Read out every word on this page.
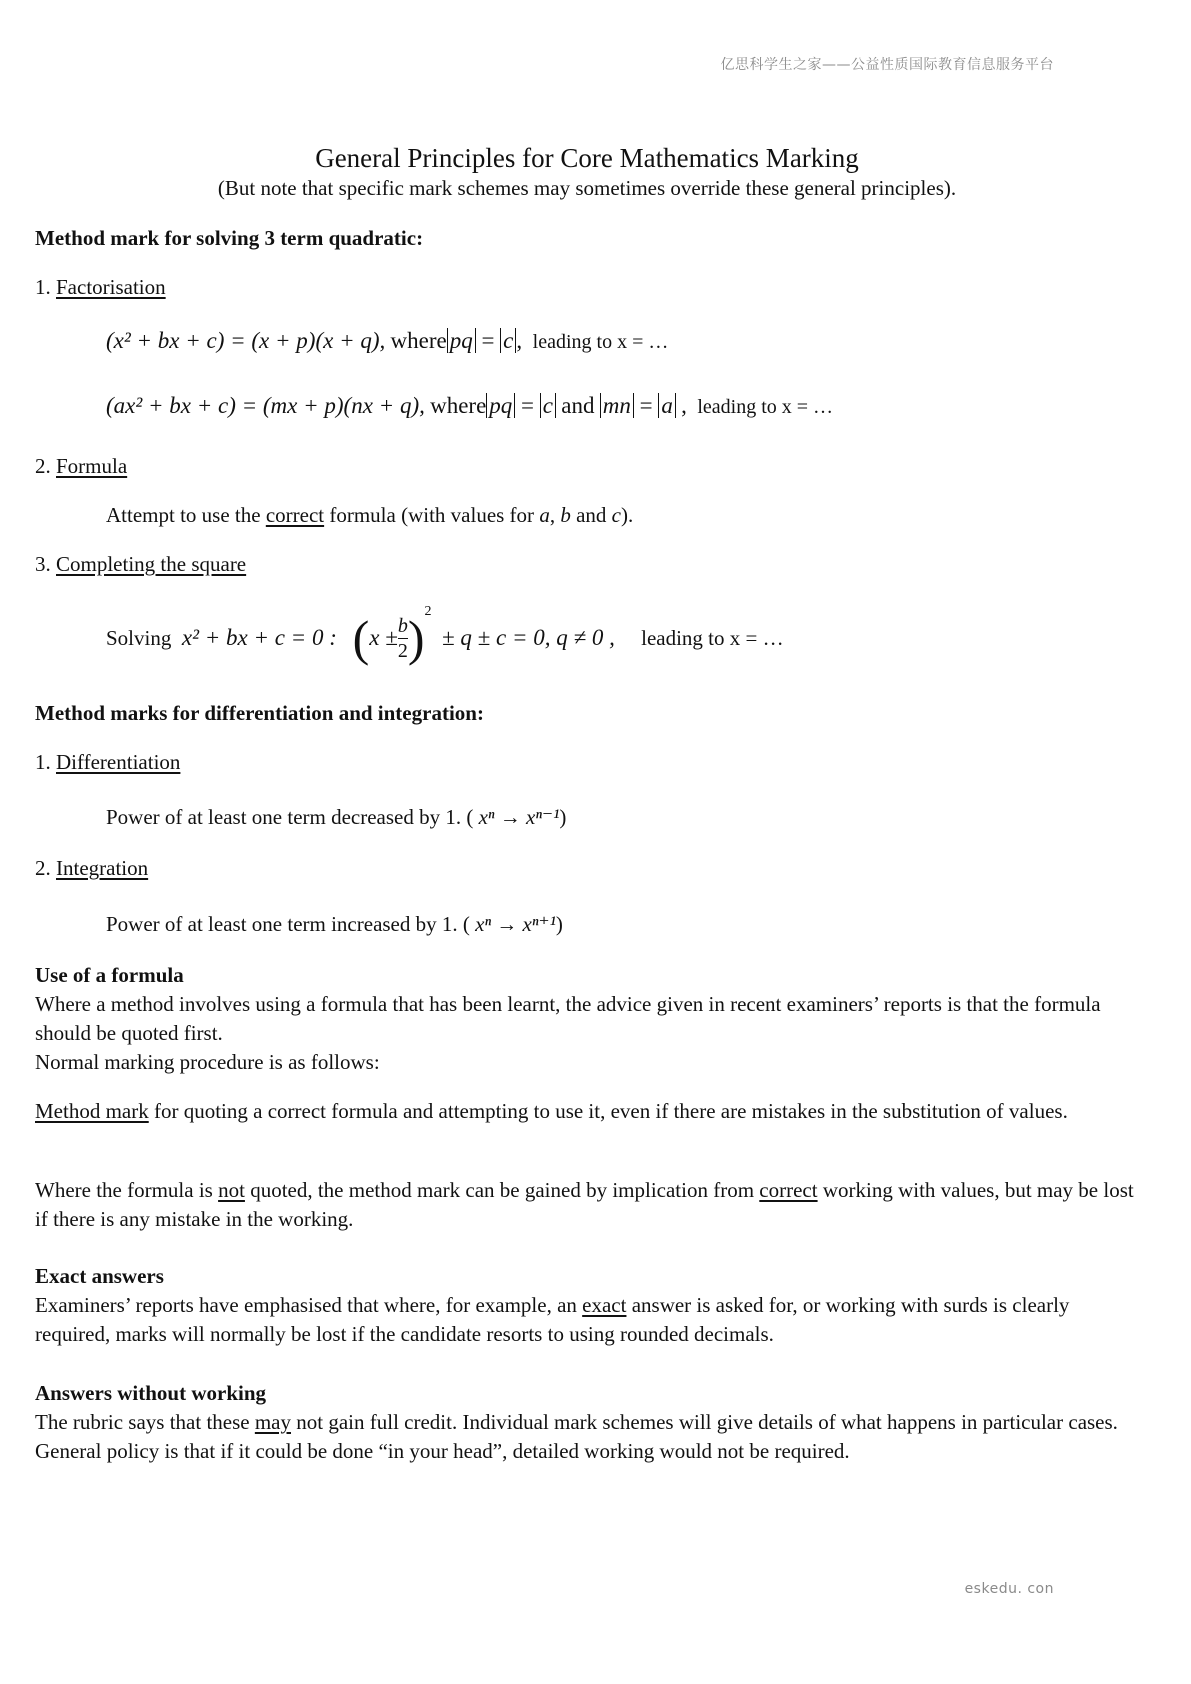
亿思科学生之家——公益性质国际教育信息服务平台
General Principles for Core Mathematics Marking
(But note that specific mark schemes may sometimes override these general principles).
Method mark for solving 3 term quadratic:
1. Factorisation
(x² + bx + c) = (x + p)(x + q), where pq = c , leading to x = …
(ax² + bx + c) = (mx + p)(nx + q), where pq = c and mn = a , leading to x = …
2. Formula
Attempt to use the correct formula (with values for a, b and c).
3. Completing the square
Solving
x² + bx + c = 0 :
( $x \pm \frac{b}{2}$ ) 2

± q ± c = 0, q ≠ 0 ,
leading to x = …
Method marks for differentiation and integration:
1. Differentiation
Power of at least one term decreased by 1. ( xⁿ → xⁿ⁻¹)
2. Integration
Power of at least one term increased by 1. ( xⁿ → xⁿ⁺¹)
Use of a formula
Where a method involves using a formula that has been learnt, the advice given in recent examiners’ reports is that the formula should be quoted first.
Normal marking procedure is as follows:
Method mark for quoting a correct formula and attempting to use it, even if there are mistakes in the substitution of values.
Where the formula is not quoted, the method mark can be gained by implication from correct working with values, but may be lost if there is any mistake in the working.
Exact answers
Examiners’ reports have emphasised that where, for example, an exact answer is asked for, or working with surds is clearly required, marks will normally be lost if the candidate resorts to using rounded decimals.
Answers without working
The rubric says that these may not gain full credit. Individual mark schemes will give details of what happens in particular cases. General policy is that if it could be done “in your head”, detailed working would not be required.
eskedu. con
